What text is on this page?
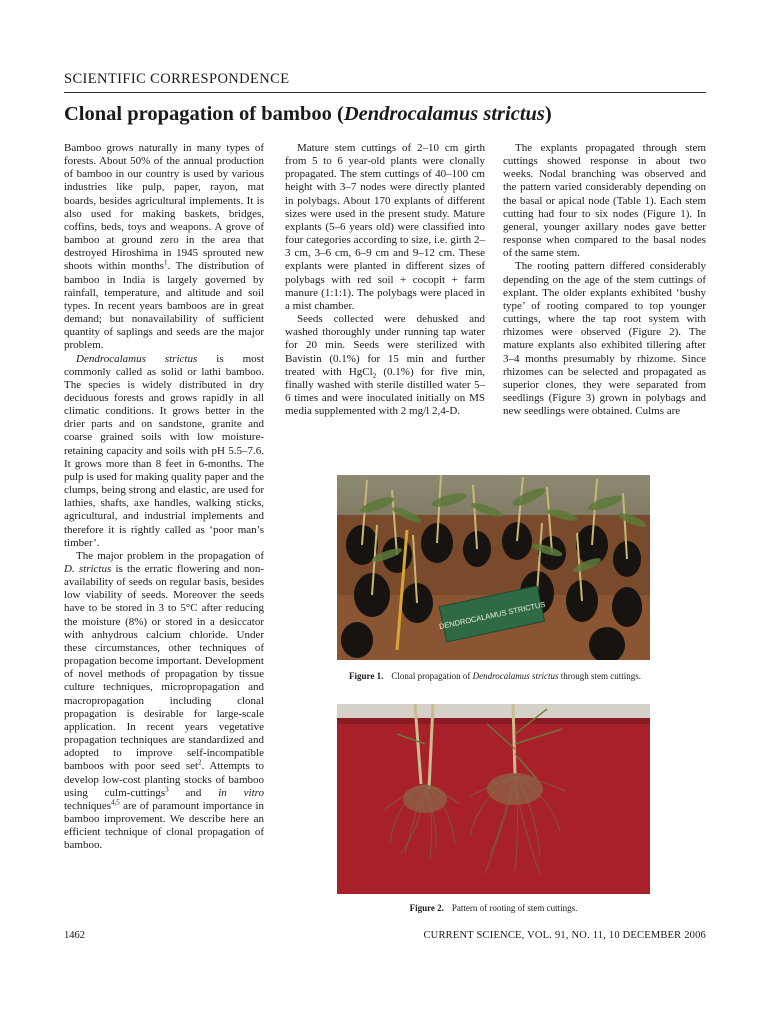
SCIENTIFIC CORRESPONDENCE
Clonal propagation of bamboo (Dendrocalamus strictus)

Bamboo grows naturally in many types of forests. About 50% of the annual production of bamboo in our country is used by various industries like pulp, paper, rayon, mat boards, besides agricultural implements. It is also used for making baskets, bridges, coffins, beds, toys and weapons. A grove of bamboo at ground zero in the area that destroyed Hiroshima in 1945 sprouted new shoots within months$^1$. The distribution of bamboo in India is largely governed by rainfall, temperature, and altitude and soil types. In recent years bamboos are in great demand; but nonavailability of sufficient quantity of saplings and seeds are the major problem.

Dendrocalamus strictus is most commonly called as solid or lathi bamboo. The species is widely distributed in dry deciduous forests and grows rapidly in all climatic conditions. It grows better in the drier parts and on sandstone, granite and coarse grained soils with low moisture-retaining capacity and soils with pH 5.5–7.6. It grows more than 8 feet in 6-months. The pulp is used for making quality paper and the clumps, being strong and elastic, are used for lathies, shafts, axe handles, walking sticks, agricultural, and industrial implements and therefore it is rightly called as ‘poor man’s timber’.

The major problem in the propagation of D. strictus is the erratic flowering and non-availability of seeds on regular basis, besides low viability of seeds. Moreover the seeds have to be stored in 3 to 5°C after reducing the moisture (8%) or stored in a desiccator with anhydrous calcium chloride. Under these circumstances, other techniques of propagation become important. Development of novel methods of propagation by tissue culture techniques, micropropagation and macropropagation including clonal propagation is desirable for large-scale application. In recent years vegetative propagation techniques are standardized and adopted to improve self-incompatible bamboos with poor seed set$^2$. Attempts to develop low-cost planting stocks of bamboo using culm-cuttings$^3$ and in vitro techniques$^{4,5}$ are of paramount importance in bamboo improvement. We describe here an efficient technique of clonal propagation of bamboo.

Mature stem cuttings of 2–10 cm girth from 5 to 6 year-old plants were clonally propagated. The stem cuttings of 40–100 cm height with 3–7 nodes were directly planted in polybags. About 170 explants of different sizes were used in the present study. Mature explants (5–6 years old) were classified into four categories according to size, i.e. girth 2–3 cm, 3–6 cm, 6–9 cm and 9–12 cm. These explants were planted in different sizes of polybags with red soil + cocopit + farm manure (1:1:1). The polybags were placed in a mist chamber.

Seeds collected were dehusked and washed thoroughly under running tap water for 20 min. Seeds were sterilized with Bavistin (0.1%) for 15 min and further treated with HgCl$_2$ (0.1%) for five min, finally washed with sterile distilled water 5–6 times and were inoculated initially on MS media supplemented with 2 mg/l 2,4-D.

The explants propagated through stem cuttings showed response in about two weeks. Nodal branching was observed and the pattern varied considerably depending on the basal or apical node (Table 1). Each stem cutting had four to six nodes (Figure 1). In general, younger axillary nodes gave better response when compared to the basal nodes of the same stem.

The rooting pattern differed considerably depending on the age of the stem cuttings of explant. The older explants exhibited ‘bushy type’ of rooting compared to top younger cuttings, where the tap root system with rhizomes were observed (Figure 2). The mature explants also exhibited tillering after 3–4 months presumably by rhizome. Since rhizomes can be selected and propagated as superior clones, they were separated from seedlings (Figure 3) grown in polybags and new seedlings were obtained. Culms are

DENDROCALAMUS STRICTUS
Figure 1. Clonal propagation of Dendrocalamus strictus through stem cuttings.
Figure 2. Pattern of rooting of stem cuttings.
1462	CURRENT SCIENCE, VOL. 91, NO. 11, 10 DECEMBER 2006
